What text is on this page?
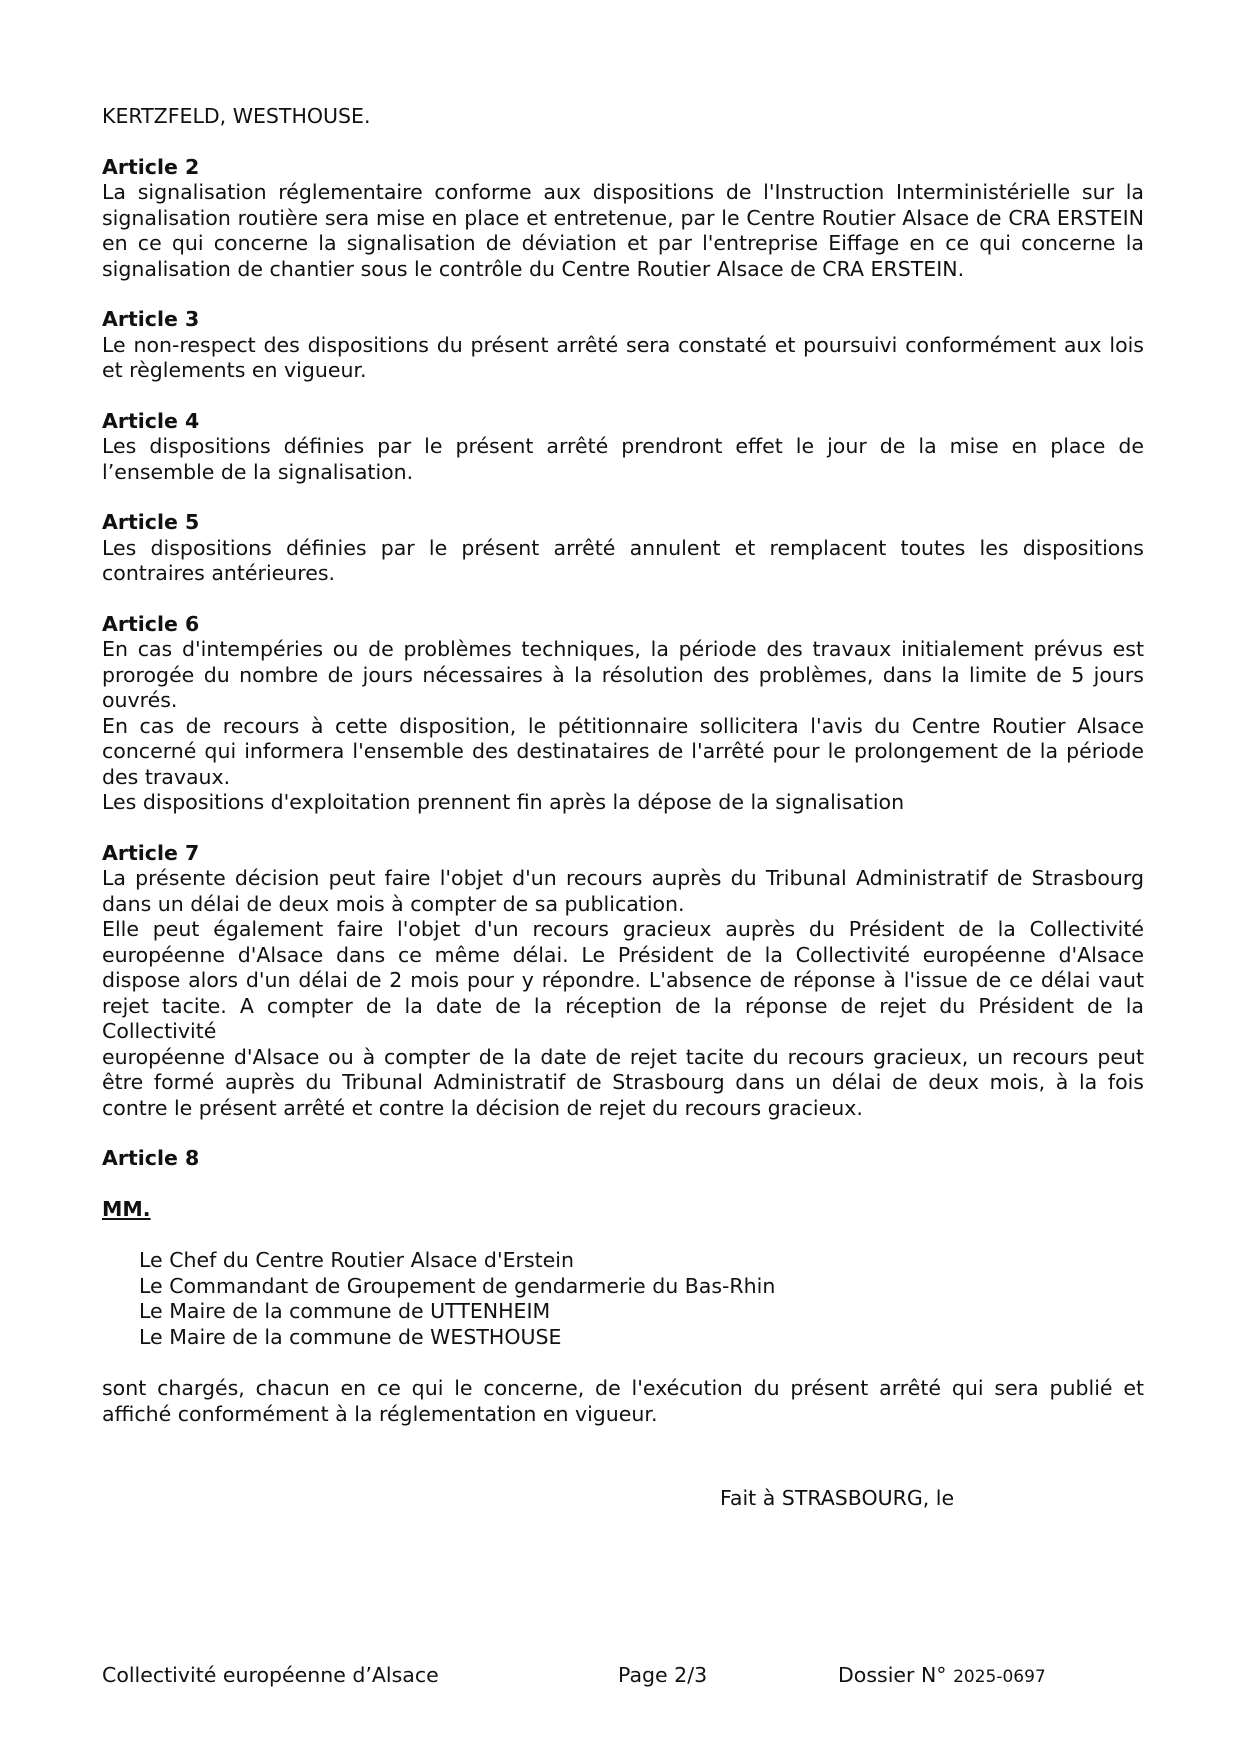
KERTZFELD, WESTHOUSE.

Article 2

La signalisation réglementaire conforme aux dispositions de l'Instruction Interministérielle sur la

signalisation routière sera mise en place et entretenue, par le Centre Routier Alsace de CRA ERSTEIN

en ce qui concerne la signalisation de déviation et par l'entreprise Eiffage en ce qui concerne la

signalisation de chantier sous le contrôle du Centre Routier Alsace de CRA ERSTEIN.

Article 3

Le non-respect des dispositions du présent arrêté sera constaté et poursuivi conformément aux lois

et règlements en vigueur.

Article 4

Les dispositions définies par le présent arrêté prendront effet le jour de la mise en place de

l’ensemble de la signalisation.

Article 5

Les dispositions définies par le présent arrêté annulent et remplacent toutes les dispositions

contraires antérieures.

Article 6

En cas d'intempéries ou de problèmes techniques, la période des travaux initialement prévus est

prorogée du nombre de jours nécessaires à la résolution des problèmes, dans la limite de 5 jours

ouvrés.

En cas de recours à cette disposition, le pétitionnaire sollicitera l'avis du Centre Routier Alsace

concerné qui informera l'ensemble des destinataires de l'arrêté pour le prolongement de la période

des travaux.

Les dispositions d'exploitation prennent fin après la dépose de la signalisation

Article 7

La présente décision peut faire l'objet d'un recours auprès du Tribunal Administratif de Strasbourg

dans un délai de deux mois à compter de sa publication.

Elle peut également faire l'objet d'un recours gracieux auprès du Président de la Collectivité

européenne d'Alsace dans ce même délai. Le Président de la Collectivité européenne d'Alsace

dispose alors d'un délai de 2 mois pour y répondre. L'absence de réponse à l'issue de ce délai vaut

rejet tacite. A compter de la date de la réception de la réponse de rejet du Président de la Collectivité

européenne d'Alsace ou à compter de la date de rejet tacite du recours gracieux, un recours peut

être formé auprès du Tribunal Administratif de Strasbourg dans un délai de deux mois, à la fois

contre le présent arrêté et contre la décision de rejet du recours gracieux.

Article 8

MM.

Le Chef du Centre Routier Alsace d'Erstein

Le Commandant de Groupement de gendarmerie du Bas-Rhin

Le Maire de la commune de UTTENHEIM

Le Maire de la commune de WESTHOUSE

sont chargés, chacun en ce qui le concerne, de l'exécution du présent arrêté qui sera publié et

affiché conformément à la réglementation en vigueur.

Fait à STRASBOURG, le
Collectivité européenne d’Alsace	Page 2/3	Dossier N° 2025-0697
